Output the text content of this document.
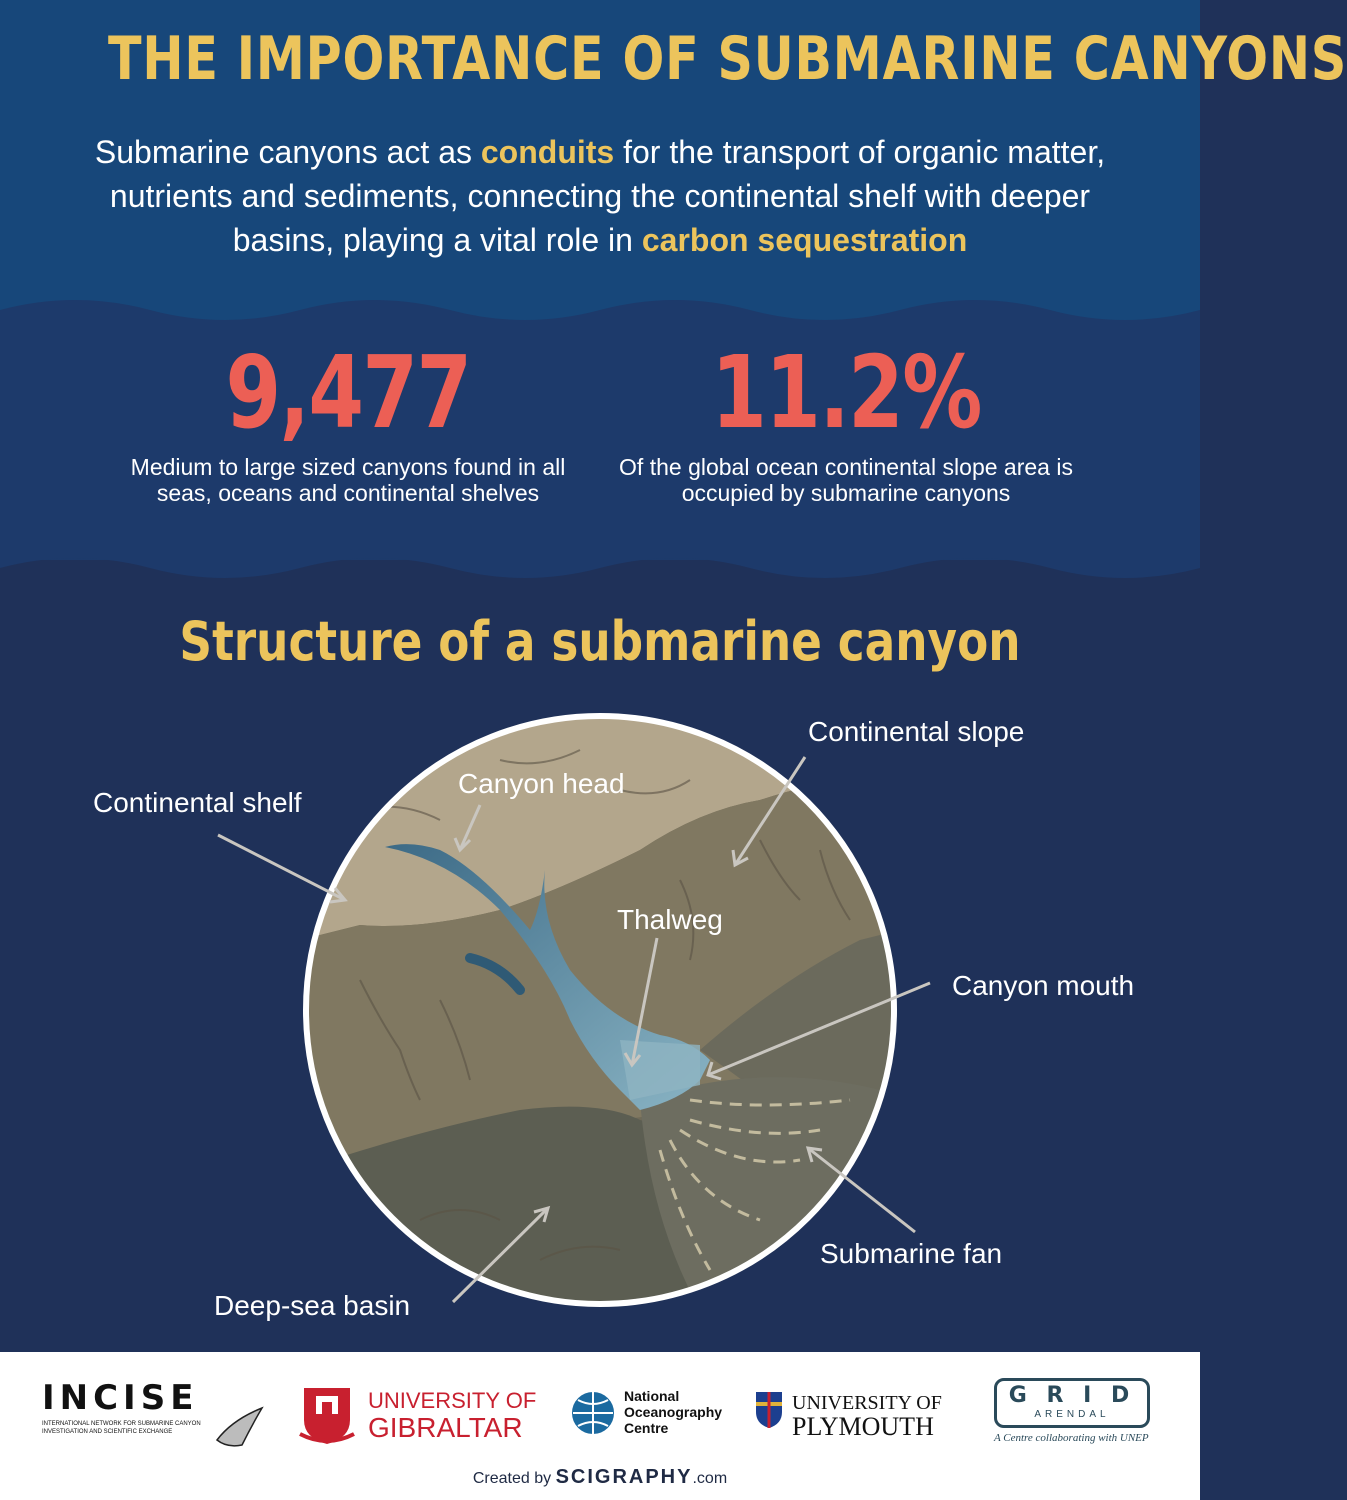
THE IMPORTANCE OF SUBMARINE CANYONS
Submarine canyons act as conduits for the transport of organic matter, nutrients and sediments, connecting the continental shelf with deeper basins, playing a vital role in carbon sequestration
9,477
Medium to large sized canyons found in all seas, oceans and continental shelves
11.2%
Of the global ocean continental slope area is occupied by submarine canyons
Structure of a submarine canyon
Continental shelf
Canyon head
Continental slope
Thalweg
Canyon mouth
Submarine fan
Deep-sea basin
INCISE
INTERNATIONAL NETWORK FOR SUBMARINE CANYON INVESTIGATION AND SCIENTIFIC EXCHANGE
UNIVERSITY OF
GIBRALTAR
National
Oceanography
Centre
UNIVERSITY OF
PLYMOUTH
G R I D
ARENDAL
A Centre collaborating with UNEP
Created by SCIGRAPHY.com
